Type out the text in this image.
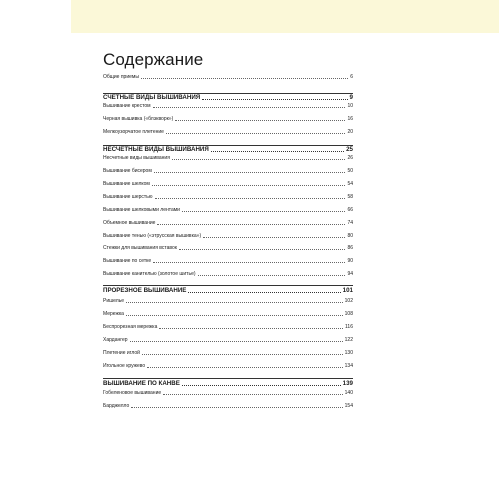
Содержание
Общие приемы	6
СЧЕТНЫЕ ВИДЫ ВЫШИВАНИЯ	9
Вышивание крестом	10
Черная вышивка («блэкворк»)	16
Мелкоузорчатое плетение	20
НЕСЧЕТНЫЕ ВИДЫ ВЫШИВАНИЯ	25
Несчетные виды вышивания	26
Вышивание бисером	50
Вышивание шелком	54
Вышивание шерстью	58
Вышивание шелковыми лентами	66
Объемное вышивание	74
Вышивание тенью («этрусская вышивка»)	80
Стежки для вышивания вставок	86
Вышивание по сетке	90
Вышивание канителью (золотое шитье)	94
ПРОРЕЗНОЕ ВЫШИВАНИЕ	101
Ришелье	102
Мережка	108
Беспрорезная мережка	116
Хардангер	122
Плетение иглой	130
Игольное кружево	134
ВЫШИВАНИЕ ПО КАНВЕ	139
Гобеленовое вышивание	140
Барджелло	154
